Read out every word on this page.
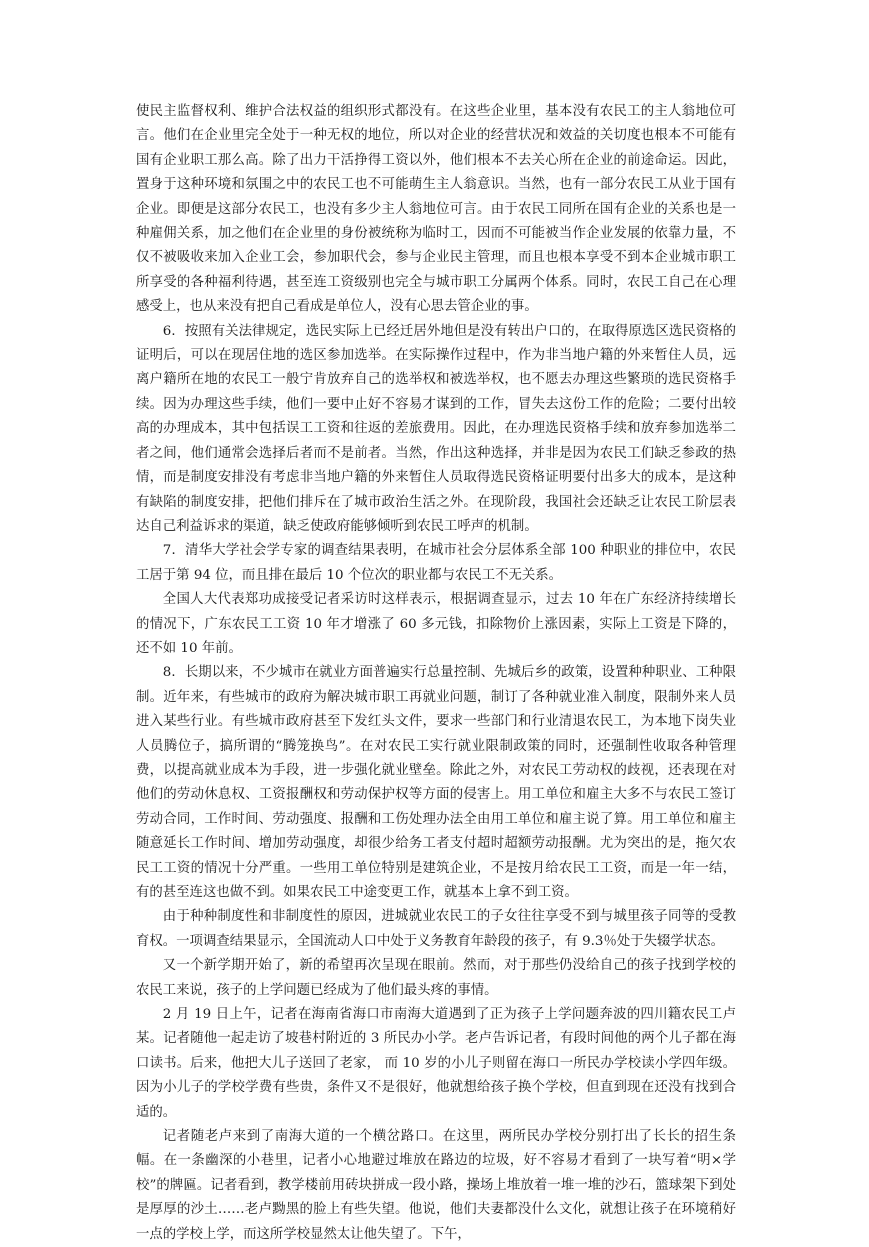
使民主监督权利、维护合法权益的组织形式都没有。在这些企业里，基本没有农民工的主人翁地位可言。他们在企业里完全处于一种无权的地位，所以对企业的经营状况和效益的关切度也根本不可能有国有企业职工那么高。除了出力干活挣得工资以外，他们根本不去关心所在企业的前途命运。因此，置身于这种环境和氛围之中的农民工也不可能萌生主人翁意识。当然，也有一部分农民工从业于国有企业。即便是这部分农民工，也没有多少主人翁地位可言。由于农民工同所在国有企业的关系也是一种雇佣关系，加之他们在企业里的身份被统称为临时工，因而不可能被当作企业发展的依靠力量，不仅不被吸收来加入企业工会，参加职代会，参与企业民主管理，而且也根本享受不到本企业城市职工所享受的各种福利待遇，甚至连工资级别也完全与城市职工分属两个体系。同时，农民工自己在心理感受上，也从来没有把自己看成是单位人，没有心思去管企业的事。

6．按照有关法律规定，选民实际上已经迁居外地但是没有转出户口的，在取得原选区选民资格的证明后，可以在现居住地的选区参加选举。在实际操作过程中，作为非当地户籍的外来暂住人员，远离户籍所在地的农民工一般宁肯放弃自己的选举权和被选举权，也不愿去办理这些繁琐的选民资格手续。因为办理这些手续，他们一要中止好不容易才谋到的工作，冒失去这份工作的危险；二要付出较高的办理成本，其中包括误工工资和往返的差旅费用。因此，在办理选民资格手续和放弃参加选举二者之间，他们通常会选择后者而不是前者。当然，作出这种选择，并非是因为农民工们缺乏参政的热情，而是制度安排没有考虑非当地户籍的外来暂住人员取得选民资格证明要付出多大的成本，是这种有缺陷的制度安排，把他们排斥在了城市政治生活之外。在现阶段，我国社会还缺乏让农民工阶层表达自己利益诉求的渠道，缺乏使政府能够倾听到农民工呼声的机制。

7．清华大学社会学专家的调查结果表明，在城市社会分层体系全部 100 种职业的排位中，农民工居于第 94 位，而且排在最后 10 个位次的职业都与农民工不无关系。

全国人大代表郑功成接受记者采访时这样表示，根据调查显示，过去 10 年在广东经济持续增长的情况下，广东农民工工资 10 年才增涨了 60 多元钱，扣除物价上涨因素，实际上工资是下降的，还不如 10 年前。

8．长期以来，不少城市在就业方面普遍实行总量控制、先城后乡的政策，设置种种职业、工种限制。近年来，有些城市的政府为解决城市职工再就业问题，制订了各种就业准入制度，限制外来人员进入某些行业。有些城市政府甚至下发红头文件，要求一些部门和行业清退农民工，为本地下岗失业人员腾位子，搞所谓的“腾笼换鸟”。在对农民工实行就业限制政策的同时，还强制性收取各种管理费，以提高就业成本为手段，进一步强化就业壁垒。除此之外，对农民工劳动权的歧视，还表现在对他们的劳动休息权、工资报酬权和劳动保护权等方面的侵害上。用工单位和雇主大多不与农民工签订劳动合同，工作时间、劳动强度、报酬和工伤处理办法全由用工单位和雇主说了算。用工单位和雇主随意延长工作时间、增加劳动强度，却很少给务工者支付超时超额劳动报酬。尤为突出的是，拖欠农民工工资的情况十分严重。一些用工单位特别是建筑企业，不是按月给农民工工资，而是一年一结，有的甚至连这也做不到。如果农民工中途变更工作，就基本上拿不到工资。

由于种种制度性和非制度性的原因，进城就业农民工的子女往往享受不到与城里孩子同等的受教育权。一项调查结果显示，全国流动人口中处于义务教育年龄段的孩子，有 9.3％处于失辍学状态。

又一个新学期开始了，新的希望再次呈现在眼前。然而，对于那些仍没给自己的孩子找到学校的农民工来说，孩子的上学问题已经成为了他们最头疼的事情。

2 月 19 日上午，记者在海南省海口市南海大道遇到了正为孩子上学问题奔波的四川籍农民工卢某。记者随他一起走访了坡巷村附近的 3 所民办小学。老卢告诉记者，有段时间他的两个儿子都在海口读书。后来，他把大儿子送回了老家， 而 10 岁的小儿子则留在海口一所民办学校读小学四年级。因为小儿子的学校学费有些贵，条件又不是很好，他就想给孩子换个学校，但直到现在还没有找到合适的。

记者随老卢来到了南海大道的一个横岔路口。在这里，两所民办学校分别打出了长长的招生条幅。在一条幽深的小巷里，记者小心地避过堆放在路边的垃圾，好不容易才看到了一块写着“明×学校”的牌匾。记者看到，教学楼前用砖块拼成一段小路，操场上堆放着一堆一堆的沙石，篮球架下到处是厚厚的沙土……老卢黝黑的脸上有些失望。他说，他们夫妻都没什么文化，就想让孩子在环境稍好一点的学校上学，而这所学校显然太让他失望了。下午，
